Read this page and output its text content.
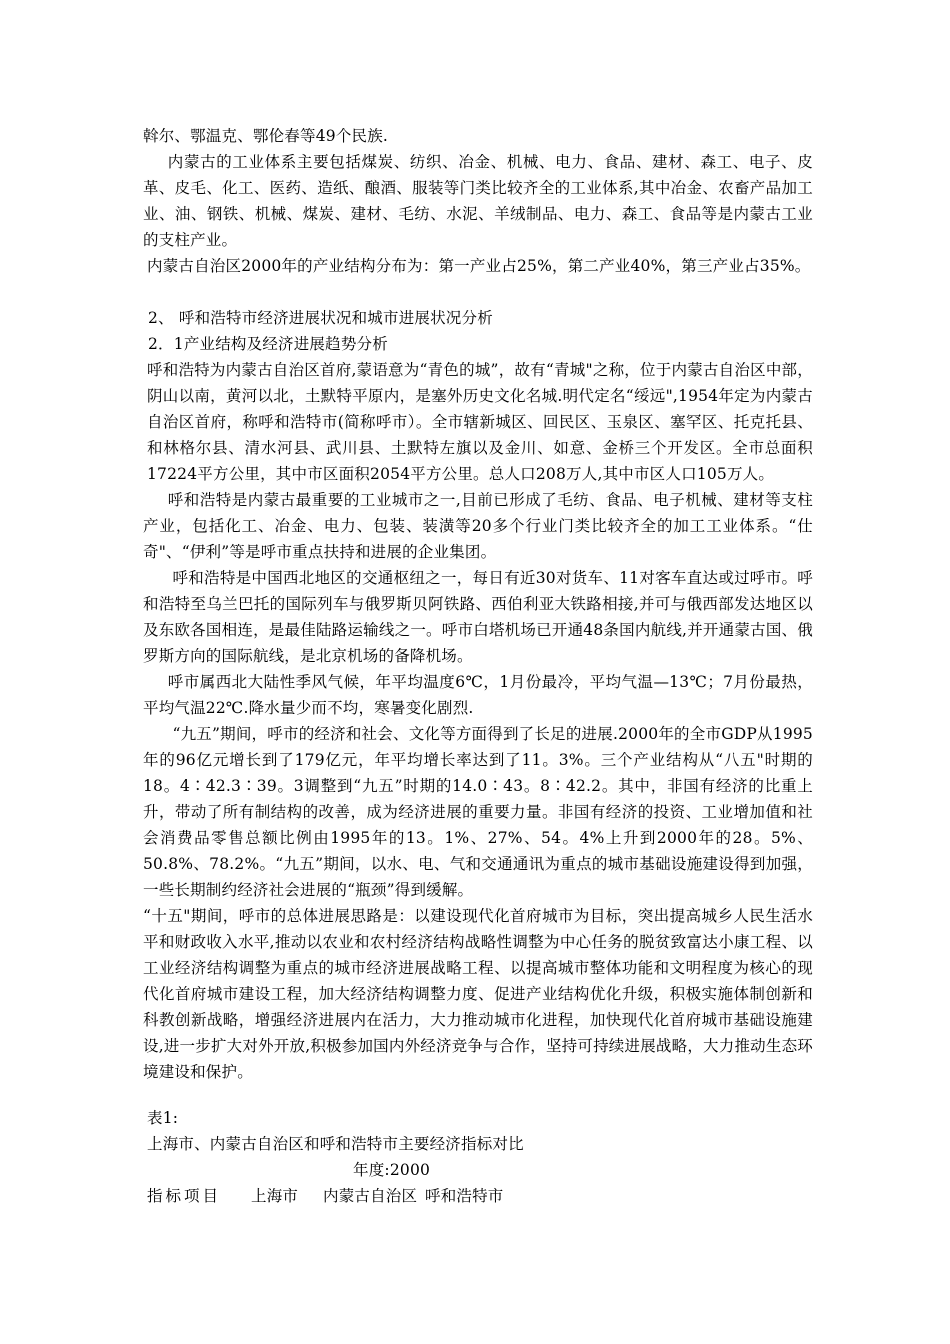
斡尔、鄂温克、鄂伦春等49个民族.

内蒙古的工业体系主要包括煤炭、纺织、冶金、机械、电力、食品、建材、森工、电子、皮革、皮毛、化工、医药、造纸、酿酒、服装等门类比较齐全的工业体系,其中冶金、农畜产品加工业、油、钢铁、机械、煤炭、建材、毛纺、水泥、羊绒制品、电力、森工、食品等是内蒙古工业的支柱产业。

内蒙古自治区2000年的产业结构分布为：第一产业占25%，第二产业40%，第三产业占35%。

2、 呼和浩特市经济进展状况和城市进展状况分析

2．1产业结构及经济进展趋势分析

呼和浩特为内蒙古自治区首府,蒙语意为“青色的城”，故有“青城"之称，位于内蒙古自治区中部，阴山以南，黄河以北，土默特平原内，是塞外历史文化名城.明代定名“绥远",1954年定为内蒙古自治区首府，称呼和浩特市(简称呼市）。全市辖新城区、回民区、玉泉区、塞罕区、托克托县、和林格尔县、清水河县、武川县、土默特左旗以及金川、如意、金桥三个开发区。全市总面积17224平方公里，其中市区面积2054平方公里。总人口208万人,其中市区人口105万人。

呼和浩特是内蒙古最重要的工业城市之一,目前已形成了毛纺、食品、电子机械、建材等支柱产业，包括化工、冶金、电力、包装、装潢等20多个行业门类比较齐全的加工工业体系。“仕奇"、“伊利”等是呼市重点扶持和进展的企业集团。

呼和浩特是中国西北地区的交通枢纽之一，每日有近30对货车、11对客车直达或过呼市。呼和浩特至乌兰巴托的国际列车与俄罗斯贝阿铁路、西伯利亚大铁路相接,并可与俄西部发达地区以及东欧各国相连，是最佳陆路运输线之一。呼市白塔机场已开通48条国内航线,并开通蒙古国、俄罗斯方向的国际航线，是北京机场的备降机场。

呼市属西北大陆性季风气候，年平均温度6℃，1月份最冷，平均气温—13℃；7月份最热，平均气温22℃.降水量少而不均，寒暑变化剧烈.

“九五”期间，呼市的经济和社会、文化等方面得到了长足的进展.2000年的全市GDP从1995年的96亿元增长到了179亿元，年平均增长率达到了11。3%。三个产业结构从“八五"时期的18。4∶42.3∶39。3调整到“九五”时期的14.0∶43。8∶42.2。其中，非国有经济的比重上升，带动了所有制结构的改善，成为经济进展的重要力量。非国有经济的投资、工业增加值和社会消费品零售总额比例由1995年的13。1%、27%、54。4%上升到2000年的28。5%、50.8%、78.2%。“九五”期间，以水、电、气和交通通讯为重点的城市基础设施建设得到加强，一些长期制约经济社会进展的“瓶颈”得到缓解。

“十五"期间，呼市的总体进展思路是：以建设现代化首府城市为目标，突出提高城乡人民生活水平和财政收入水平,推动以农业和农村经济结构战略性调整为中心任务的脱贫致富达小康工程、以工业经济结构调整为重点的城市经济进展战略工程、以提高城市整体功能和文明程度为核心的现代化首府城市建设工程，加大经济结构调整力度、促进产业结构优化升级，积极实施体制创新和科教创新战略，增强经济进展内在活力，大力推动城市化进程，加快现代化首府城市基础设施建设,进一步扩大对外开放,积极参加国内外经济竞争与合作，坚持可持续进展战略，大力推动生态环境建设和保护。

表1:

上海市、内蒙古自治区和呼和浩特市主要经济指标对比

年度:2000

指标项目 上海市 内蒙古自治区 呼和浩特市
